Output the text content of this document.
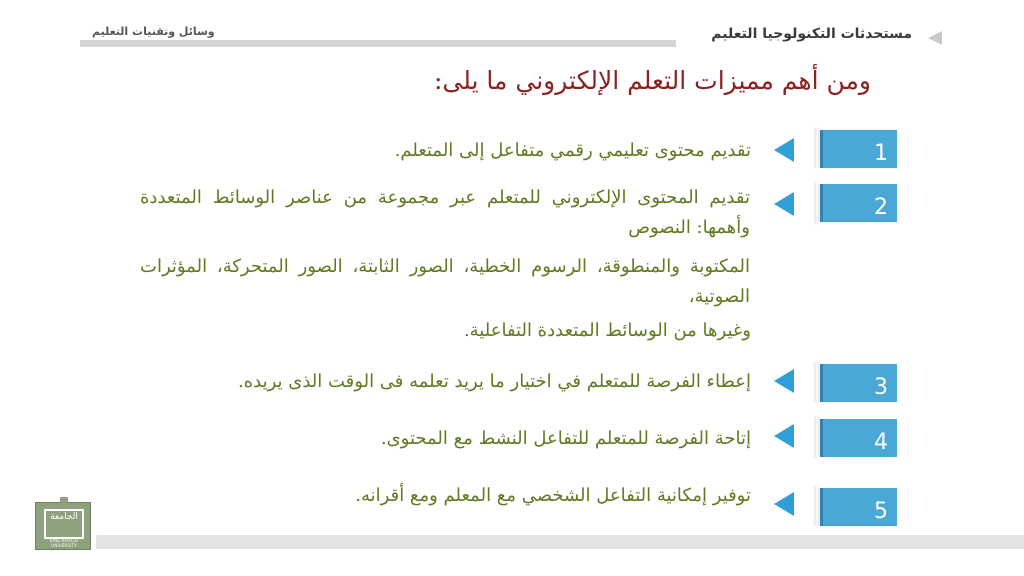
مستحدثات التكنولوجيا التعليم
وسائل وتقنيات التعليم
ومن أهم مميزات التعلم الإلكتروني ما يلى:
1
تقديم محتوى تعليمي رقمي متفاعل إلى المتعلم.
2
تقديم المحتوى الإلكتروني للمتعلم عبر مجموعة من عناصر الوسائط المتعددة وأهمها: النصوص
المكتوبة والمنطوقة، الرسوم الخطية، الصور الثابتة، الصور المتحركة، المؤثرات الصوتية،
وغيرها من الوسائط المتعددة التفاعلية.
3
إعطاء الفرصة للمتعلم في اختيار ما يريد تعلمه فى الوقت الذى يريده.
4
إتاحة الفرصة للمتعلم للتفاعل النشط مع المحتوى.
5
توفير إمكانية التفاعل الشخصي مع المعلم ومع أقرانه.
الجامعة
KING KHALID UNIVERSITY
